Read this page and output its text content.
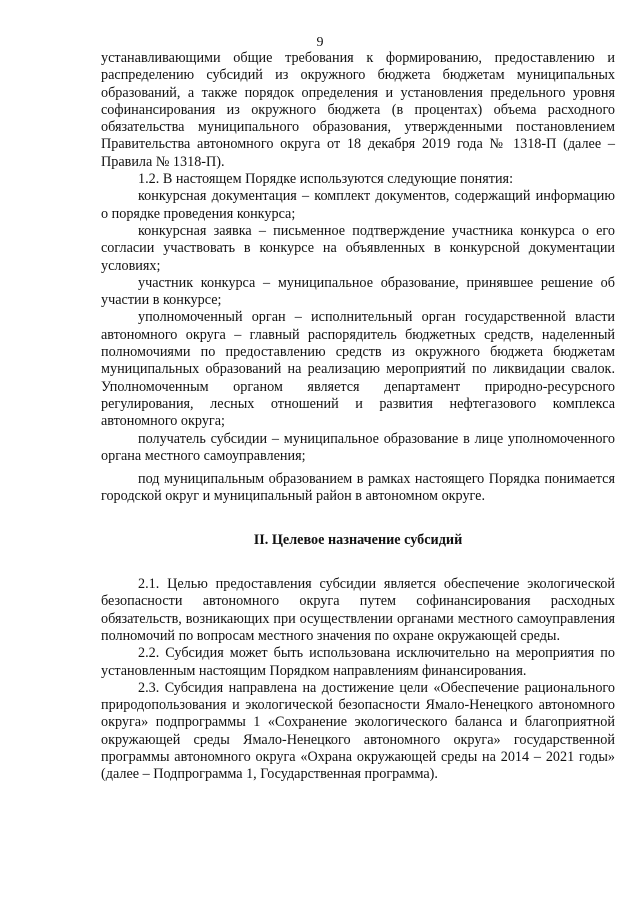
9

устанавливающими общие требования к формированию, предоставлению и распределению субсидий из окружного бюджета бюджетам муниципальных образований, а также порядок определения и установления предельного уровня софинансирования из окружного бюджета (в процентах) объема расходного обязательства муниципального образования, утвержденными постановлением Правительства автономного округа от 18 декабря 2019 года № 1318-П (далее – Правила № 1318-П).

1.2. В настоящем Порядке используются следующие понятия:

конкурсная документация – комплект документов, содержащий информацию о порядке проведения конкурса;

конкурсная заявка – письменное подтверждение участника конкурса о его согласии участвовать в конкурсе на объявленных в конкурсной документации условиях;

участник конкурса – муниципальное образование, принявшее решение об участии в конкурсе;

уполномоченный орган – исполнительный орган государственной власти автономного округа – главный распорядитель бюджетных средств, наделенный полномочиями по предоставлению средств из окружного бюджета бюджетам муниципальных образований на реализацию мероприятий по ликвидации свалок. Уполномоченным органом является департамент природно-ресурсного регулирования, лесных отношений и развития нефтегазового комплекса автономного округа;

получатель субсидии – муниципальное образование в лице уполномоченного органа местного самоуправления;

под муниципальным образованием в рамках настоящего Порядка понимается городской округ и муниципальный район в автономном округе.

II. Целевое назначение субсидий

2.1. Целью предоставления субсидии является обеспечение экологической безопасности автономного округа путем софинансирования расходных обязательств, возникающих при осуществлении органами местного самоуправления полномочий по вопросам местного значения по охране окружающей среды.

2.2. Субсидия может быть использована исключительно на мероприятия по установленным настоящим Порядком направлениям финансирования.

2.3. Субсидия направлена на достижение цели «Обеспечение рационального природопользования и экологической безопасности Ямало-Ненецкого автономного округа» подпрограммы 1 «Сохранение экологического баланса и благоприятной окружающей среды Ямало-Ненецкого автономного округа» государственной программы автономного округа «Охрана окружающей среды на 2014 – 2021 годы» (далее – Подпрограмма 1, Государственная программа).
